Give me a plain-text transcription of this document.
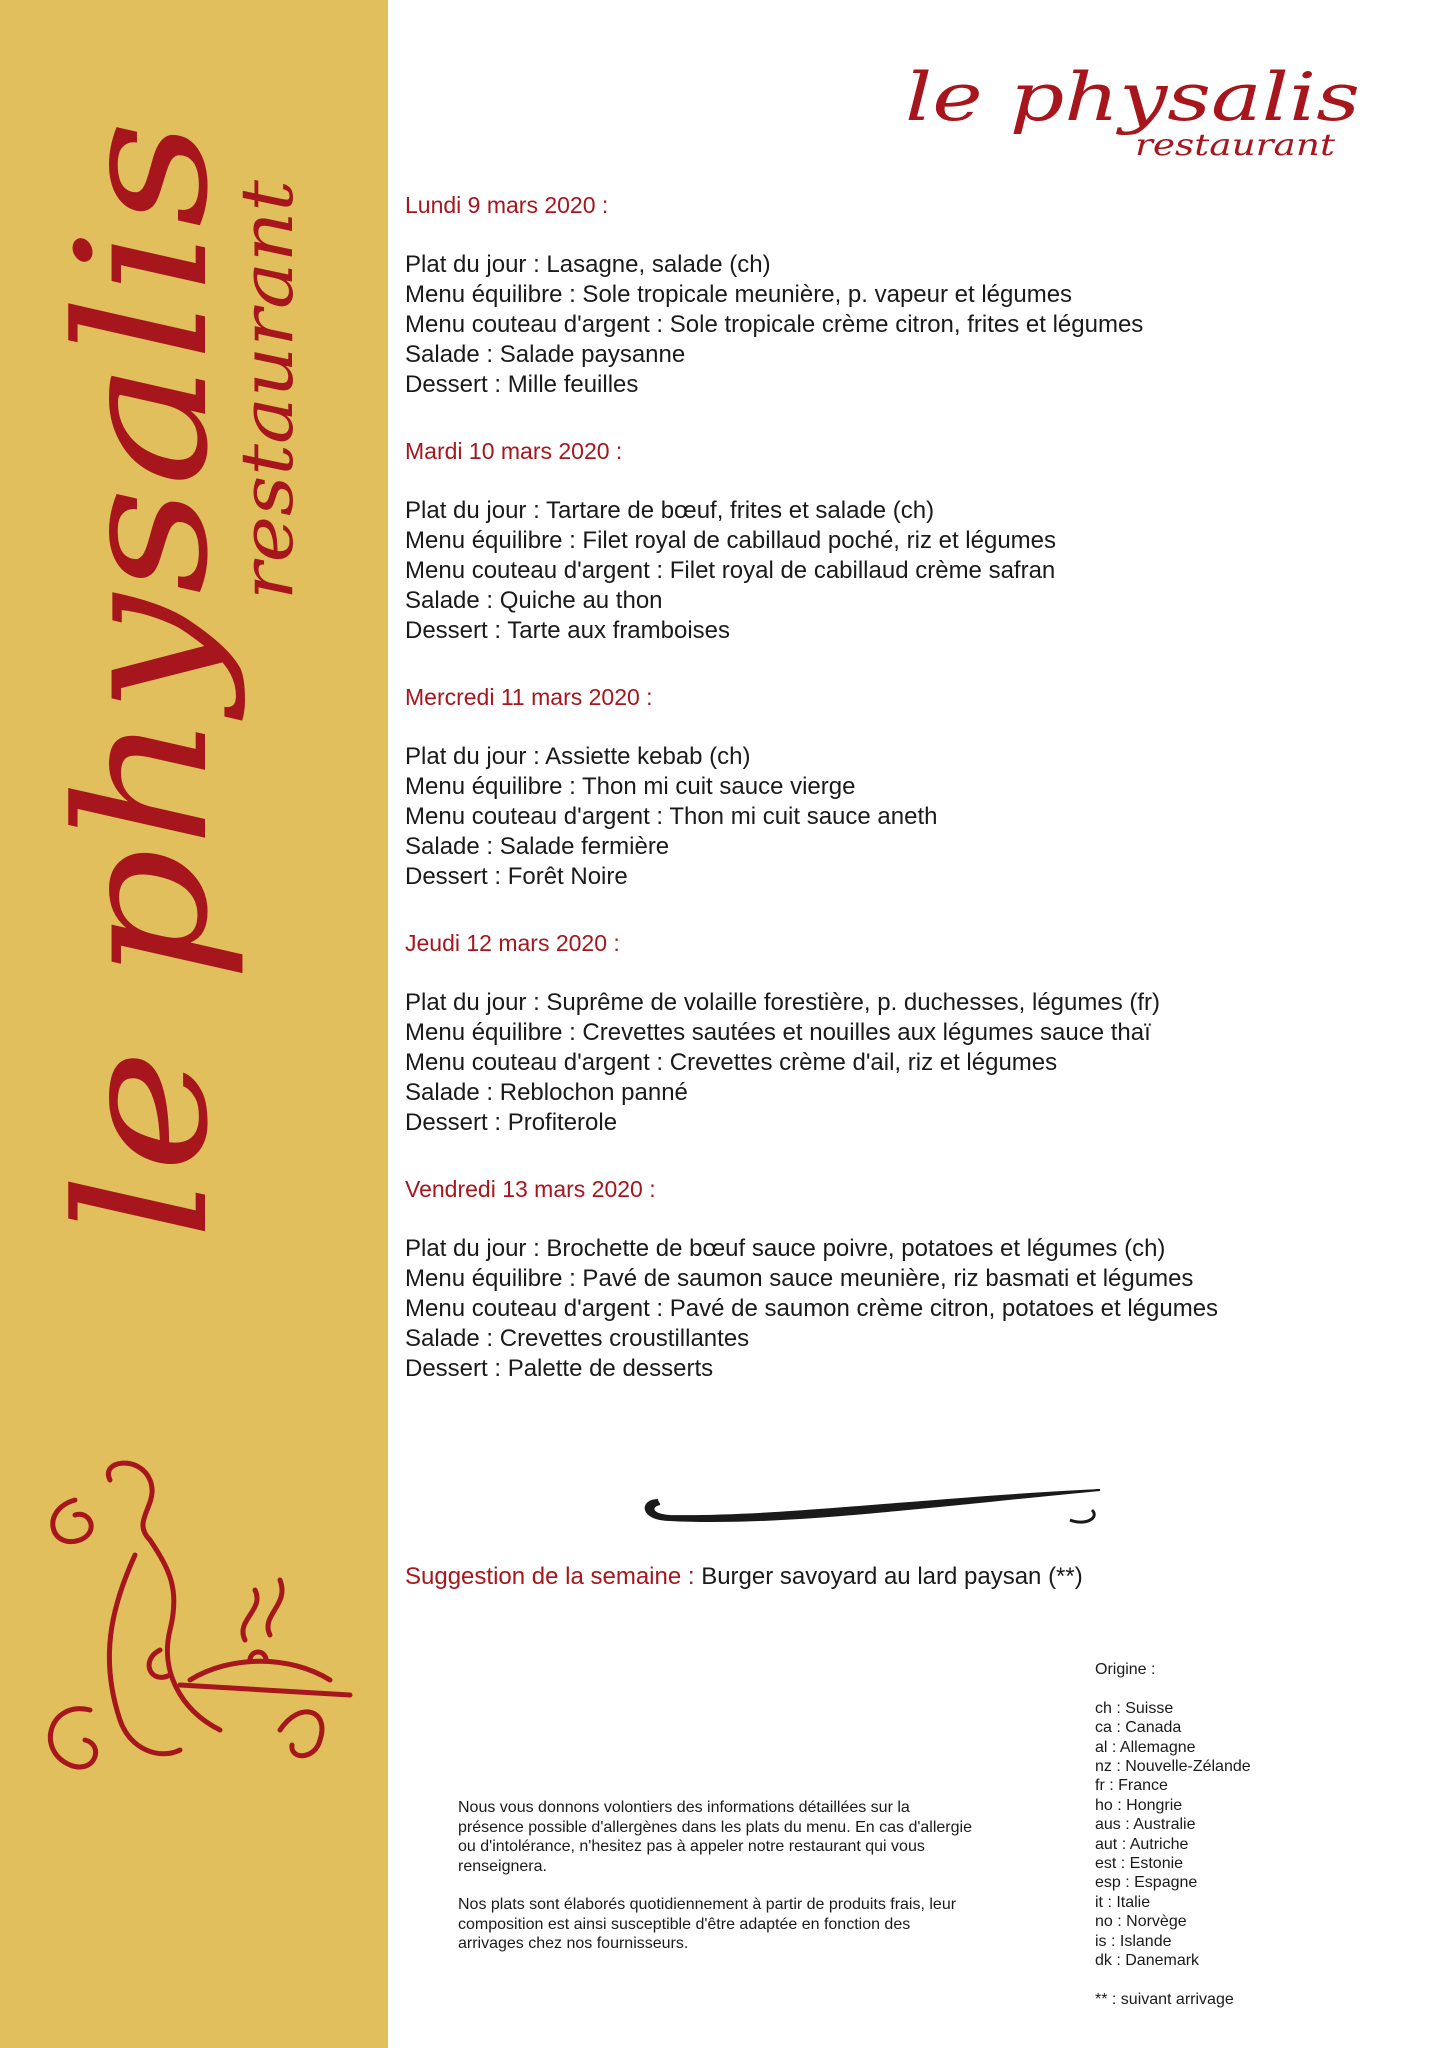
le physalis
restaurant
le physalis
restaurant
Lundi 9 mars 2020 :
Plat du jour : Lasagne, salade (ch)
Menu équilibre : Sole tropicale meunière, p. vapeur et légumes
Menu couteau d'argent : Sole tropicale crème citron, frites et légumes
Salade : Salade paysanne
Dessert : Mille feuilles
Mardi 10 mars 2020 :
Plat du jour : Tartare de bœuf, frites et salade (ch)
Menu équilibre : Filet royal de cabillaud poché, riz et légumes
Menu couteau d'argent : Filet royal de cabillaud crème safran
Salade : Quiche au thon
Dessert : Tarte aux framboises
Mercredi 11 mars 2020 :
Plat du jour : Assiette kebab (ch)
Menu équilibre : Thon mi cuit sauce vierge
Menu couteau d'argent : Thon mi cuit sauce aneth
Salade : Salade fermière
Dessert : Forêt Noire
Jeudi 12 mars 2020 :
Plat du jour : Suprême de volaille forestière, p. duchesses, légumes (fr)
Menu équilibre : Crevettes sautées et nouilles aux légumes sauce thaï
Menu couteau d'argent : Crevettes crème d'ail, riz et légumes
Salade : Reblochon panné
Dessert : Profiterole
Vendredi 13 mars 2020 :
Plat du jour : Brochette de bœuf sauce poivre, potatoes et légumes (ch)
Menu équilibre : Pavé de saumon sauce meunière, riz basmati et légumes
Menu couteau d'argent : Pavé de saumon crème citron, potatoes et légumes
Salade : Crevettes croustillantes
Dessert : Palette de desserts
Suggestion de la semaine : Burger savoyard au lard paysan (**)

Nous vous donnons volontiers des informations détaillées sur la présence possible d'allergènes dans les plats du menu. En cas d'allergie ou d'intolérance, n'hesitez pas à appeler notre restaurant qui vous renseignera.

Nos plats sont élaborés quotidiennement à partir de produits frais, leur composition est ainsi susceptible d'être adaptée en fonction des arrivages chez nos fournisseurs.

Origine :
ch : Suisse
ca : Canada
al : Allemagne
nz : Nouvelle-Zélande
fr : France
ho : Hongrie
aus : Australie
aut : Autriche
est : Estonie
esp : Espagne
it : Italie
no : Norvège
is : Islande
dk : Danemark
** : suivant arrivage
